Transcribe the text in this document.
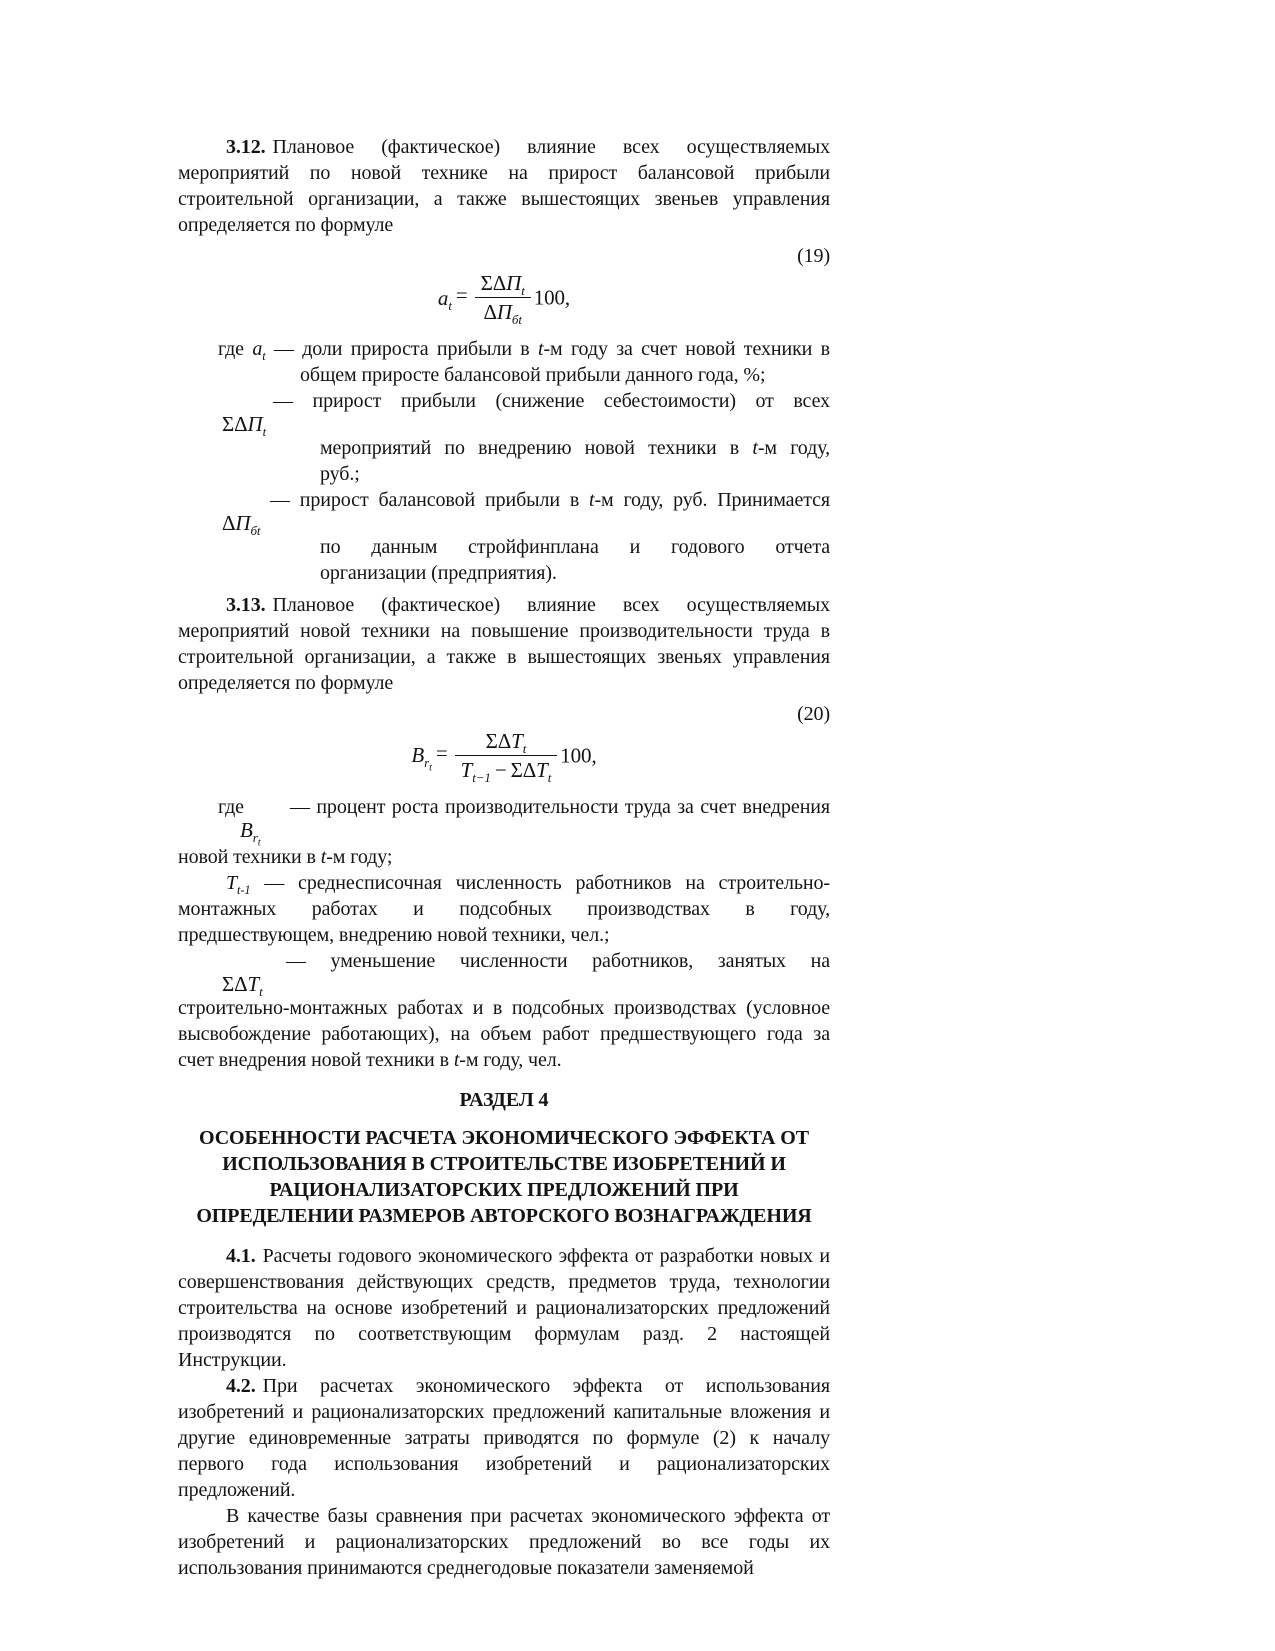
3.12. Плановое (фактическое) влияние всех осуществляемых мероприятий по новой технике на прирост балансовой прибыли строительной организации, а также вышестоящих звеньев управления определяется по формуле

(19)
$a_t = \frac{\Sigma\Delta П_t}{\Delta П_{бt}} 100$,
где $a_t$ — доли прироста прибыли в t-м году за счет новой техники в
общем приросте балансовой прибыли данного года, %;
— прирост прибыли (снижение себестоимости) от всех
$\Sigma\Delta П_t$
мероприятий по внедрению новой техники в t-м году,
руб.;
— прирост балансовой прибыли в t-м году, руб. Принимается
$\Delta П_{бt}$
по данным стройфинплана и годового отчета
организации (предприятия).

3.13. Плановое (фактическое) влияние всех осуществляемых мероприятий новой техники на повышение производительности труда в строительной организации, а также в вышестоящих звеньях управления определяется по формуле

(20)
$B_{r_t}= \frac{\Sigma\Delta T_t}{T_{t-1} - \Sigma\Delta T_t} 100$,
где — процент роста производительности труда за счет внедрения
$B_{r_t}$
новой техники в t-м году;
$T_{t-1}$ — среднесписочная численность работников на строительно-
монтажных работах и подсобных производствах в году,
предшествующем, внедрению новой техники, чел.;
— уменьшение численности работников, занятых на
$\Sigma\Delta T_t$
строительно-монтажных работах и в подсобных производствах (условное
высвобождение работающих), на объем работ предшествующего года за
счет внедрения новой техники в t-м году, чел.
РАЗДЕЛ 4
ОСОБЕННОСТИ РАСЧЕТА ЭКОНОМИЧЕСКОГО ЭФФЕКТА ОТ
ИСПОЛЬЗОВАНИЯ В СТРОИТЕЛЬСТВЕ ИЗОБРЕТЕНИЙ И
РАЦИОНАЛИЗАТОРСКИХ ПРЕДЛОЖЕНИЙ ПРИ
ОПРЕДЕЛЕНИИ РАЗМЕРОВ АВТОРСКОГО ВОЗНАГРАЖДЕНИЯ

4.1. Расчеты годового экономического эффекта от разработки новых и совершенствования действующих средств, предметов труда, технологии строительства на основе изобретений и рационализаторских предложений производятся по соответствующим формулам разд. 2 настоящей Инструкции.

4.2. При расчетах экономического эффекта от использования изобретений и рационализаторских предложений капитальные вложения и другие единовременные затраты приводятся по формуле (2) к началу первого года использования изобретений и рационализаторских предложений.

В качестве базы сравнения при расчетах экономического эффекта от изобретений и рационализаторских предложений во все годы их использования принимаются среднегодовые показатели заменяемой
